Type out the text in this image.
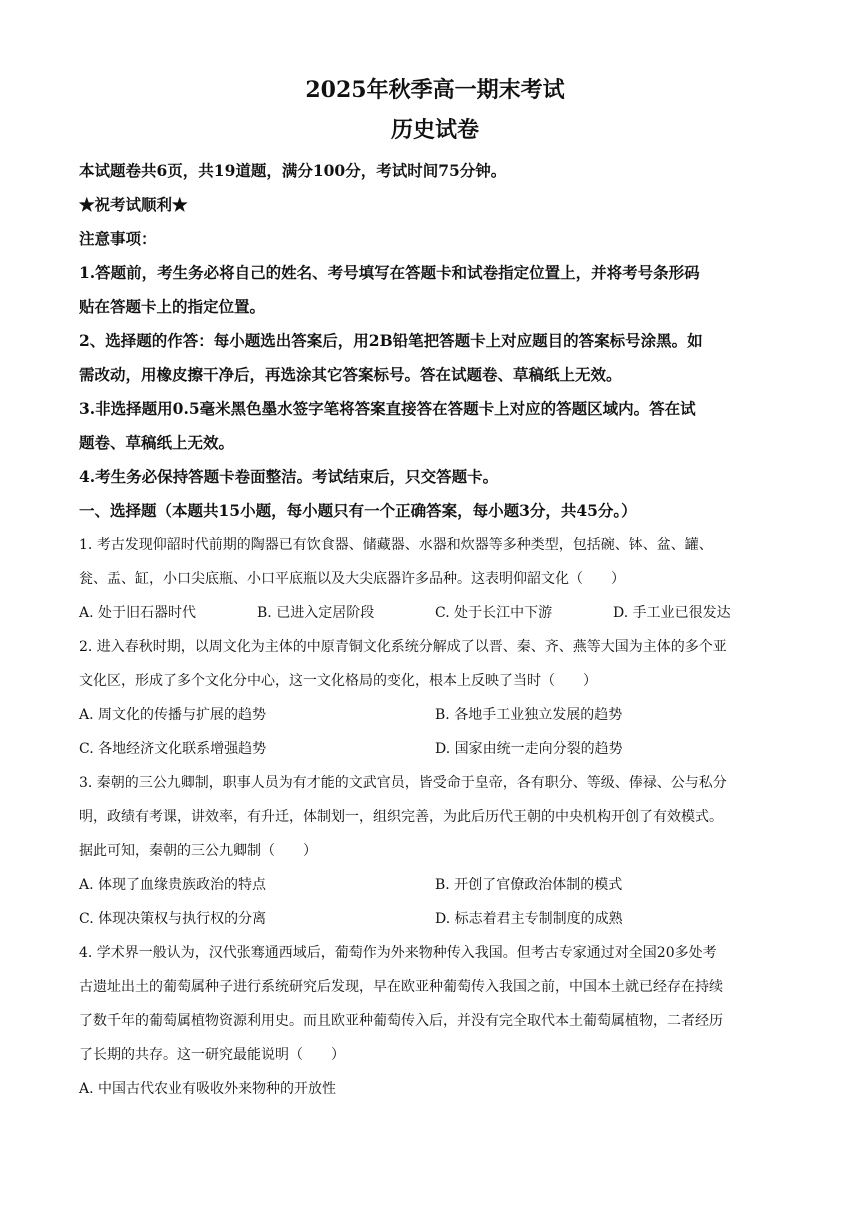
2025年秋季高一期末考试
历史试卷

本试题卷共6页，共19道题，满分100分，考试时间75分钟。

★祝考试顺利★

注意事项：

1.答题前，考生务必将自己的姓名、考号填写在答题卡和试卷指定位置上，并将考号条形码

贴在答题卡上的指定位置。

2、选择题的作答：每小题选出答案后，用2B铅笔把答题卡上对应题目的答案标号涂黑。如

需改动，用橡皮擦干净后，再选涂其它答案标号。答在试题卷、草稿纸上无效。

3.非选择题用0.5毫米黑色墨水签字笔将答案直接答在答题卡上对应的答题区域内。答在试

题卷、草稿纸上无效。

4.考生务必保持答题卡卷面整洁。考试结束后，只交答题卡。

一、选择题（本题共15小题，每小题只有一个正确答案，每小题3分，共45分。）

1. 考古发现仰韶时代前期的陶器已有饮食器、储藏器、水器和炊器等多种类型，包括碗、钵、盆、罐、

瓮、盂、缸，小口尖底瓶、小口平底瓶以及大尖底器许多品种。这表明仰韶文化（　　）

A. 处于旧石器时代	B. 已进入定居阶段	C. 处于长江中下游	D. 手工业已很发达

2. 进入春秋时期，以周文化为主体的中原青铜文化系统分解成了以晋、秦、齐、燕等大国为主体的多个亚

文化区，形成了多个文化分中心，这一文化格局的变化，根本上反映了当时（　　）

A. 周文化的传播与扩展的趋势	B. 各地手工业独立发展的趋势
C. 各地经济文化联系增强趋势	D. 国家由统一走向分裂的趋势

3. 秦朝的三公九卿制，职事人员为有才能的文武官员，皆受命于皇帝，各有职分、等级、俸禄、公与私分

明，政绩有考课，讲效率，有升迁，体制划一，组织完善，为此后历代王朝的中央机构开创了有效模式。

据此可知，秦朝的三公九卿制（　　）

A. 体现了血缘贵族政治的特点	B. 开创了官僚政治体制的模式
C. 体现决策权与执行权的分离	D. 标志着君主专制制度的成熟

4. 学术界一般认为，汉代张骞通西域后，葡萄作为外来物种传入我国。但考古专家通过对全国20多处考

古遗址出土的葡萄属种子进行系统研究后发现，早在欧亚种葡萄传入我国之前，中国本土就已经存在持续

了数千年的葡萄属植物资源利用史。而且欧亚种葡萄传入后，并没有完全取代本土葡萄属植物，二者经历

了长期的共存。这一研究最能说明（　　）

A. 中国古代农业有吸收外来物种的开放性
